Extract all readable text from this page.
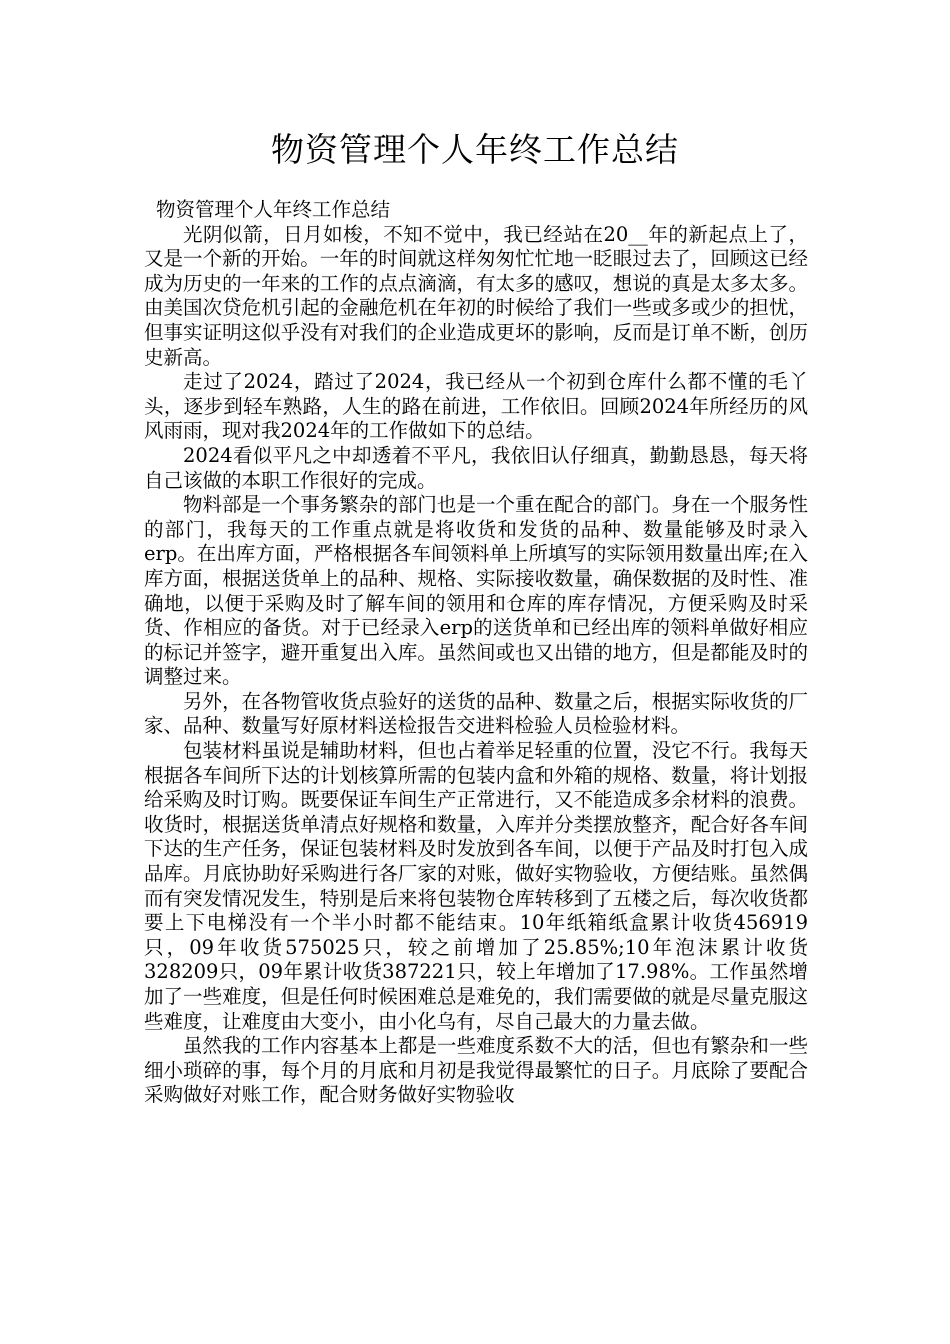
物资管理个人年终工作总结

物资管理个人年终工作总结

光阴似箭，日月如梭，不知不觉中，我已经站在20__年的新起点上了，又是一个新的开始。一年的时间就这样匆匆忙忙地一眨眼过去了，回顾这已经成为历史的一年来的工作的点点滴滴，有太多的感叹，想说的真是太多太多。由美国次贷危机引起的金融危机在年初的时候给了我们一些或多或少的担忧，但事实证明这似乎没有对我们的企业造成更坏的影响，反而是订单不断，创历史新高。

走过了2024，踏过了2024，我已经从一个初到仓库什么都不懂的毛丫头，逐步到轻车熟路，人生的路在前进，工作依旧。回顾2024年所经历的风风雨雨，现对我2024年的工作做如下的总结。

2024看似平凡之中却透着不平凡，我依旧认仔细真，勤勤恳恳，每天将自己该做的本职工作很好的完成。

物料部是一个事务繁杂的部门也是一个重在配合的部门。身在一个服务性的部门，我每天的工作重点就是将收货和发货的品种、数量能够及时录入erp。在出库方面，严格根据各车间领料单上所填写的实际领用数量出库;在入库方面，根据送货单上的品种、规格、实际接收数量，确保数据的及时性、准确地，以便于采购及时了解车间的领用和仓库的库存情况，方便采购及时采货、作相应的备货。对于已经录入erp的送货单和已经出库的领料单做好相应的标记并签字，避开重复出入库。虽然间或也又出错的地方，但是都能及时的调整过来。

另外，在各物管收货点验好的送货的品种、数量之后，根据实际收货的厂家、品种、数量写好原材料送检报告交进料检验人员检验材料。

包装材料虽说是辅助材料，但也占着举足轻重的位置，没它不行。我每天根据各车间所下达的计划核算所需的包装内盒和外箱的规格、数量，将计划报给采购及时订购。既要保证车间生产正常进行，又不能造成多余材料的浪费。收货时，根据送货单清点好规格和数量，入库并分类摆放整齐，配合好各车间下达的生产任务，保证包装材料及时发放到各车间，以便于产品及时打包入成品库。月底协助好采购进行各厂家的对账，做好实物验收，方便结账。虽然偶而有突发情况发生，特别是后来将包装物仓库转移到了五楼之后，每次收货都要上下电梯没有一个半小时都不能结束。10年纸箱纸盒累计收货456919只，09年收货575025只，较之前增加了25.85%;10年泡沫累计收货328209只，09年累计收货387221只，较上年增加了17.98%。工作虽然增加了一些难度，但是任何时候困难总是难免的，我们需要做的就是尽量克服这些难度，让难度由大变小，由小化乌有，尽自己最大的力量去做。

虽然我的工作内容基本上都是一些难度系数不大的活，但也有繁杂和一些细小琐碎的事，每个月的月底和月初是我觉得最繁忙的日子。月底除了要配合采购做好对账工作，配合财务做好实物验收
